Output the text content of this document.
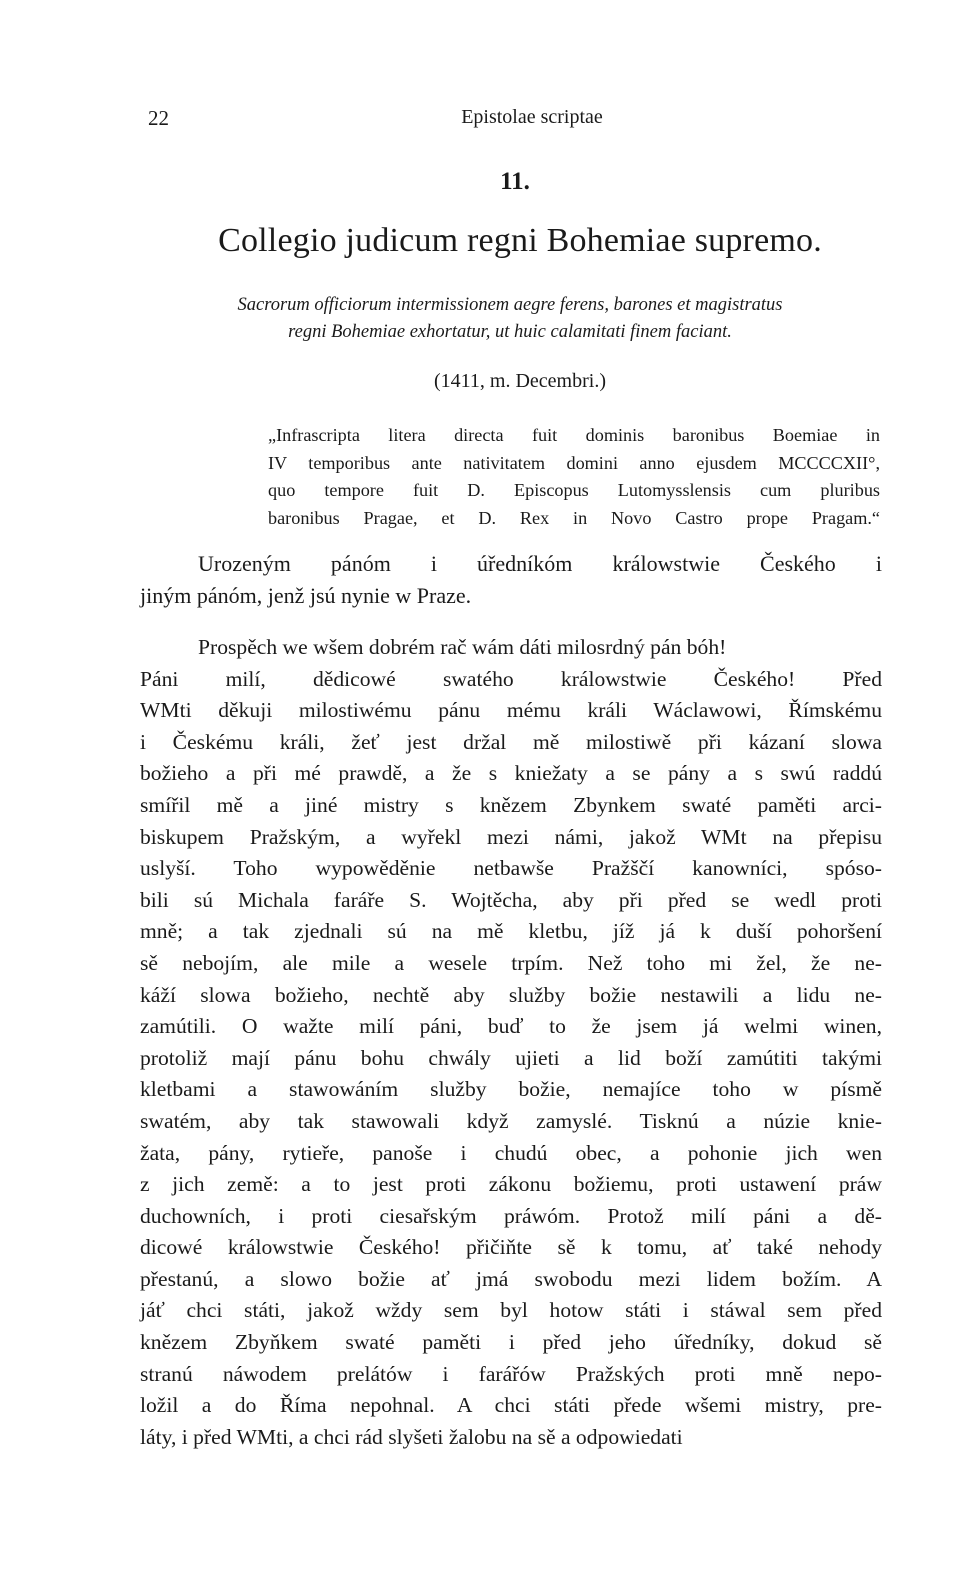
22	Epistolae scriptae
11.
Collegio judicum regni Bohemiae supremo.
Sacrorum officiorum intermissionem aegre ferens, barones et magistratus
regni Bohemiae exhortatur, ut huic calamitati finem faciant.
(1411, m. Decembri.)
„Infrascripta litera directa fuit dominis baronibus Boemiae in
IV temporibus ante nativitatem domini anno ejusdem MCCCCXII°,
quo tempore fuit D. Episcopus Lutomysslensis cum pluribus
baronibus Pragae, et D. Rex in Novo Castro prope Pragam.“
Urozeným pánóm i úředníkóm králowstwie Českého i
jiným pánóm, jenž jsú nynie w Praze.
Prospěch we wšem dobrém rač wám dáti milosrdný pán bóh!
Páni milí, dědicowé swatého králowstwie Českého! Před
WMti děkuji milostiwému pánu mému králi Wáclawowi, Římskému
i Českému králi, žeť jest držal mě milostiwě při kázaní slowa
božieho a při mé prawdě, a že s kniežaty a se pány a s swú raddú
smířil mě a jiné mistry s knězem Zbynkem swaté paměti arci-
biskupem Pražským, a wyřekl mezi námi, jakož WMt na přepisu
uslyší. Toho wypowěděnie netbawše Pražščí kanowníci, spóso-
bili sú Michala faráře S. Wojtěcha, aby při před se wedl proti
mně; a tak zjednali sú na mě kletbu, jíž já k duší pohoršení
sě nebojím, ale mile a wesele trpím. Než toho mi žel, že ne-
káží slowa božieho, nechtě aby služby božie nestawili a lidu ne-
zamútili. O wažte milí páni, buď to že jsem já welmi winen,
protoliž mají pánu bohu chwály ujieti a lid boží zamútiti takými
kletbami a stawowáním služby božie, nemajíce toho w písmě
swatém, aby tak stawowali když zamyslé. Tisknú a núzie knie-
žata, pány, rytieře, panoše i chudú obec, a pohonie jich wen
z jich země: a to jest proti zákonu božiemu, proti ustawení práw
duchowních, i proti ciesařským práwóm. Protož milí páni a dě-
dicowé králowstwie Českého! přičiňte sě k tomu, ať také nehody
přestanú, a slowo božie ať jmá swobodu mezi lidem božím. A
jáť chci státi, jakož wždy sem byl hotow státi i stáwal sem před
knězem Zbyňkem swaté paměti i před jeho úředníky, dokud sě
stranú náwodem prelátów i farářów Pražských proti mně nepo-
ložil a do Říma nepohnal. A chci státi přede wšemi mistry, pre-
láty, i před WMti, a chci rád slyšeti žalobu na sě a odpowiedati
